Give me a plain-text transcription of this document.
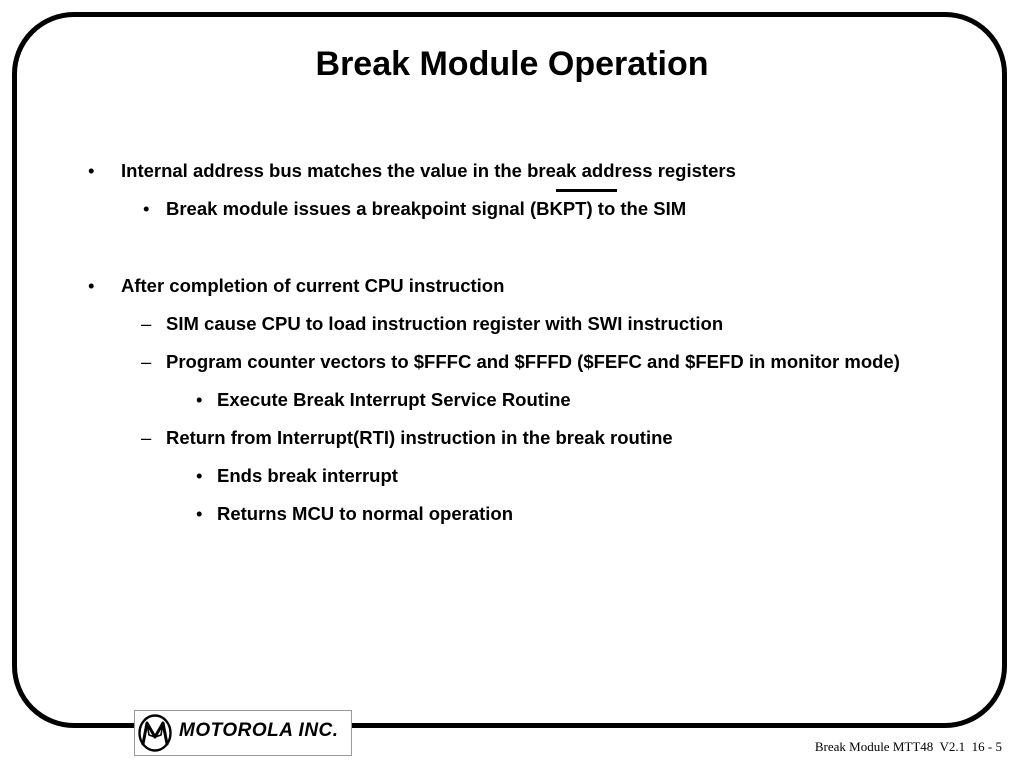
Break Module Operation
• Internal address bus matches the value in the break address registers
• Break module issues a breakpoint signal (BKPT) to the SIM
• After completion of current CPU instruction
– SIM cause CPU to load instruction register with SWI instruction
– Program counter vectors to $FFFC and $FFFD ($FEFC and $FEFD in monitor mode)
• Execute Break Interrupt Service Routine
– Return from Interrupt(RTI) instruction in the break routine
• Ends break interrupt
• Returns MCU to normal operation
MOTOROLA INC.
Break Module MTT48  V2.1  16 - 5
